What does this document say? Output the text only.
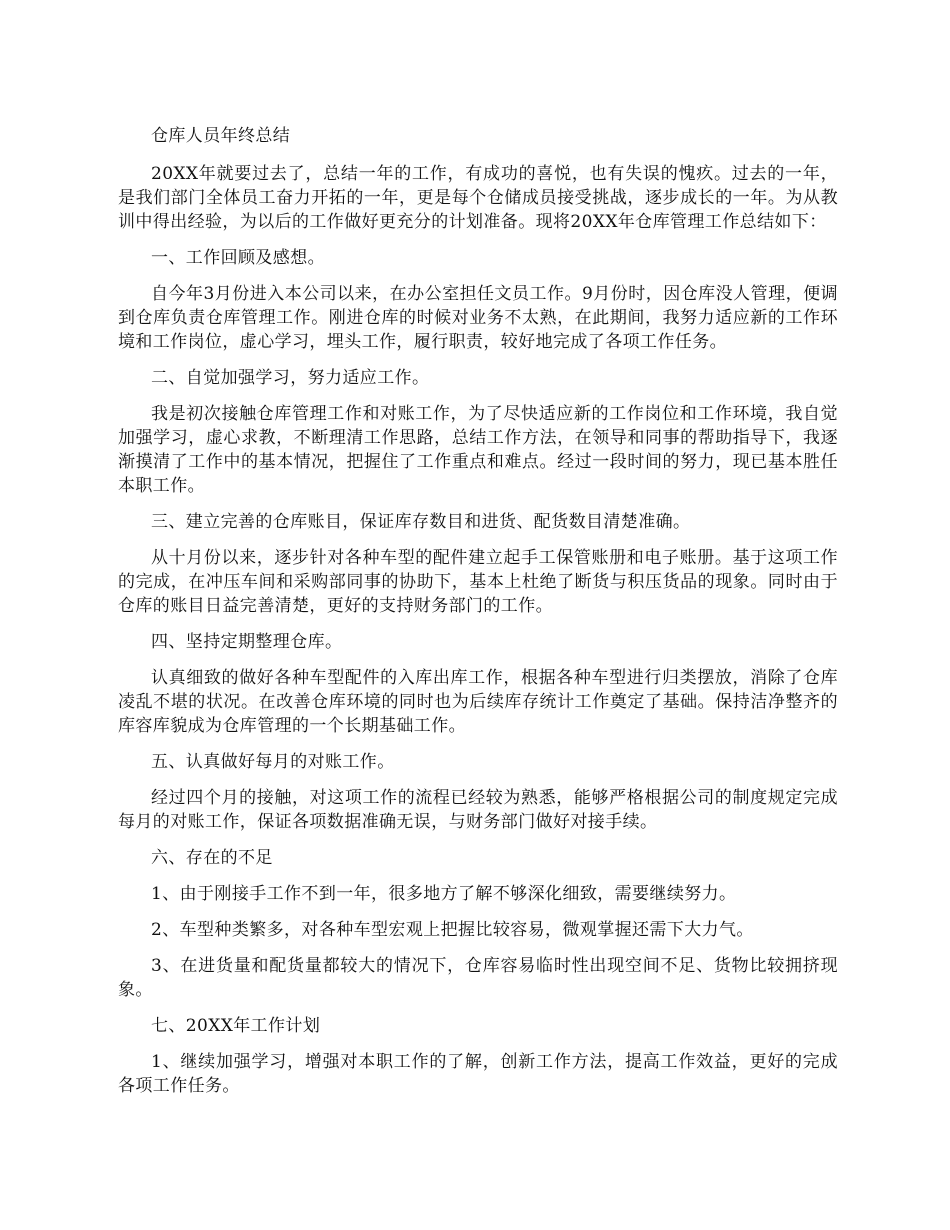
仓库人员年终总结

20XX年就要过去了，总结一年的工作，有成功的喜悦，也有失误的愧疚。过去的一年，是我们部门全体员工奋力开拓的一年，更是每个仓储成员接受挑战，逐步成长的一年。为从教训中得出经验，为以后的工作做好更充分的计划准备。现将20XX年仓库管理工作总结如下：

一、工作回顾及感想。

自今年3月份进入本公司以来，在办公室担任文员工作。9月份时，因仓库没人管理，便调到仓库负责仓库管理工作。刚进仓库的时候对业务不太熟，在此期间，我努力适应新的工作环境和工作岗位，虚心学习，埋头工作，履行职责，较好地完成了各项工作任务。

二、自觉加强学习，努力适应工作。

我是初次接触仓库管理工作和对账工作，为了尽快适应新的工作岗位和工作环境，我自觉加强学习，虚心求教，不断理清工作思路，总结工作方法，在领导和同事的帮助指导下，我逐渐摸清了工作中的基本情况，把握住了工作重点和难点。经过一段时间的努力，现已基本胜任本职工作。

三、建立完善的仓库账目，保证库存数目和进货、配货数目清楚准确。

从十月份以来，逐步针对各种车型的配件建立起手工保管账册和电子账册。基于这项工作的完成，在冲压车间和采购部同事的协助下，基本上杜绝了断货与积压货品的现象。同时由于仓库的账目日益完善清楚，更好的支持财务部门的工作。

四、坚持定期整理仓库。

认真细致的做好各种车型配件的入库出库工作，根据各种车型进行归类摆放，消除了仓库凌乱不堪的状况。在改善仓库环境的同时也为后续库存统计工作奠定了基础。保持洁净整齐的库容库貌成为仓库管理的一个长期基础工作。

五、认真做好每月的对账工作。

经过四个月的接触，对这项工作的流程已经较为熟悉，能够严格根据公司的制度规定完成每月的对账工作，保证各项数据准确无误，与财务部门做好对接手续。

六、存在的不足

1、由于刚接手工作不到一年，很多地方了解不够深化细致，需要继续努力。

2、车型种类繁多，对各种车型宏观上把握比较容易，微观掌握还需下大力气。

3、在进货量和配货量都较大的情况下，仓库容易临时性出现空间不足、货物比较拥挤现象。

七、20XX年工作计划

1、继续加强学习，增强对本职工作的了解，创新工作方法，提高工作效益，更好的完成各项工作任务。
